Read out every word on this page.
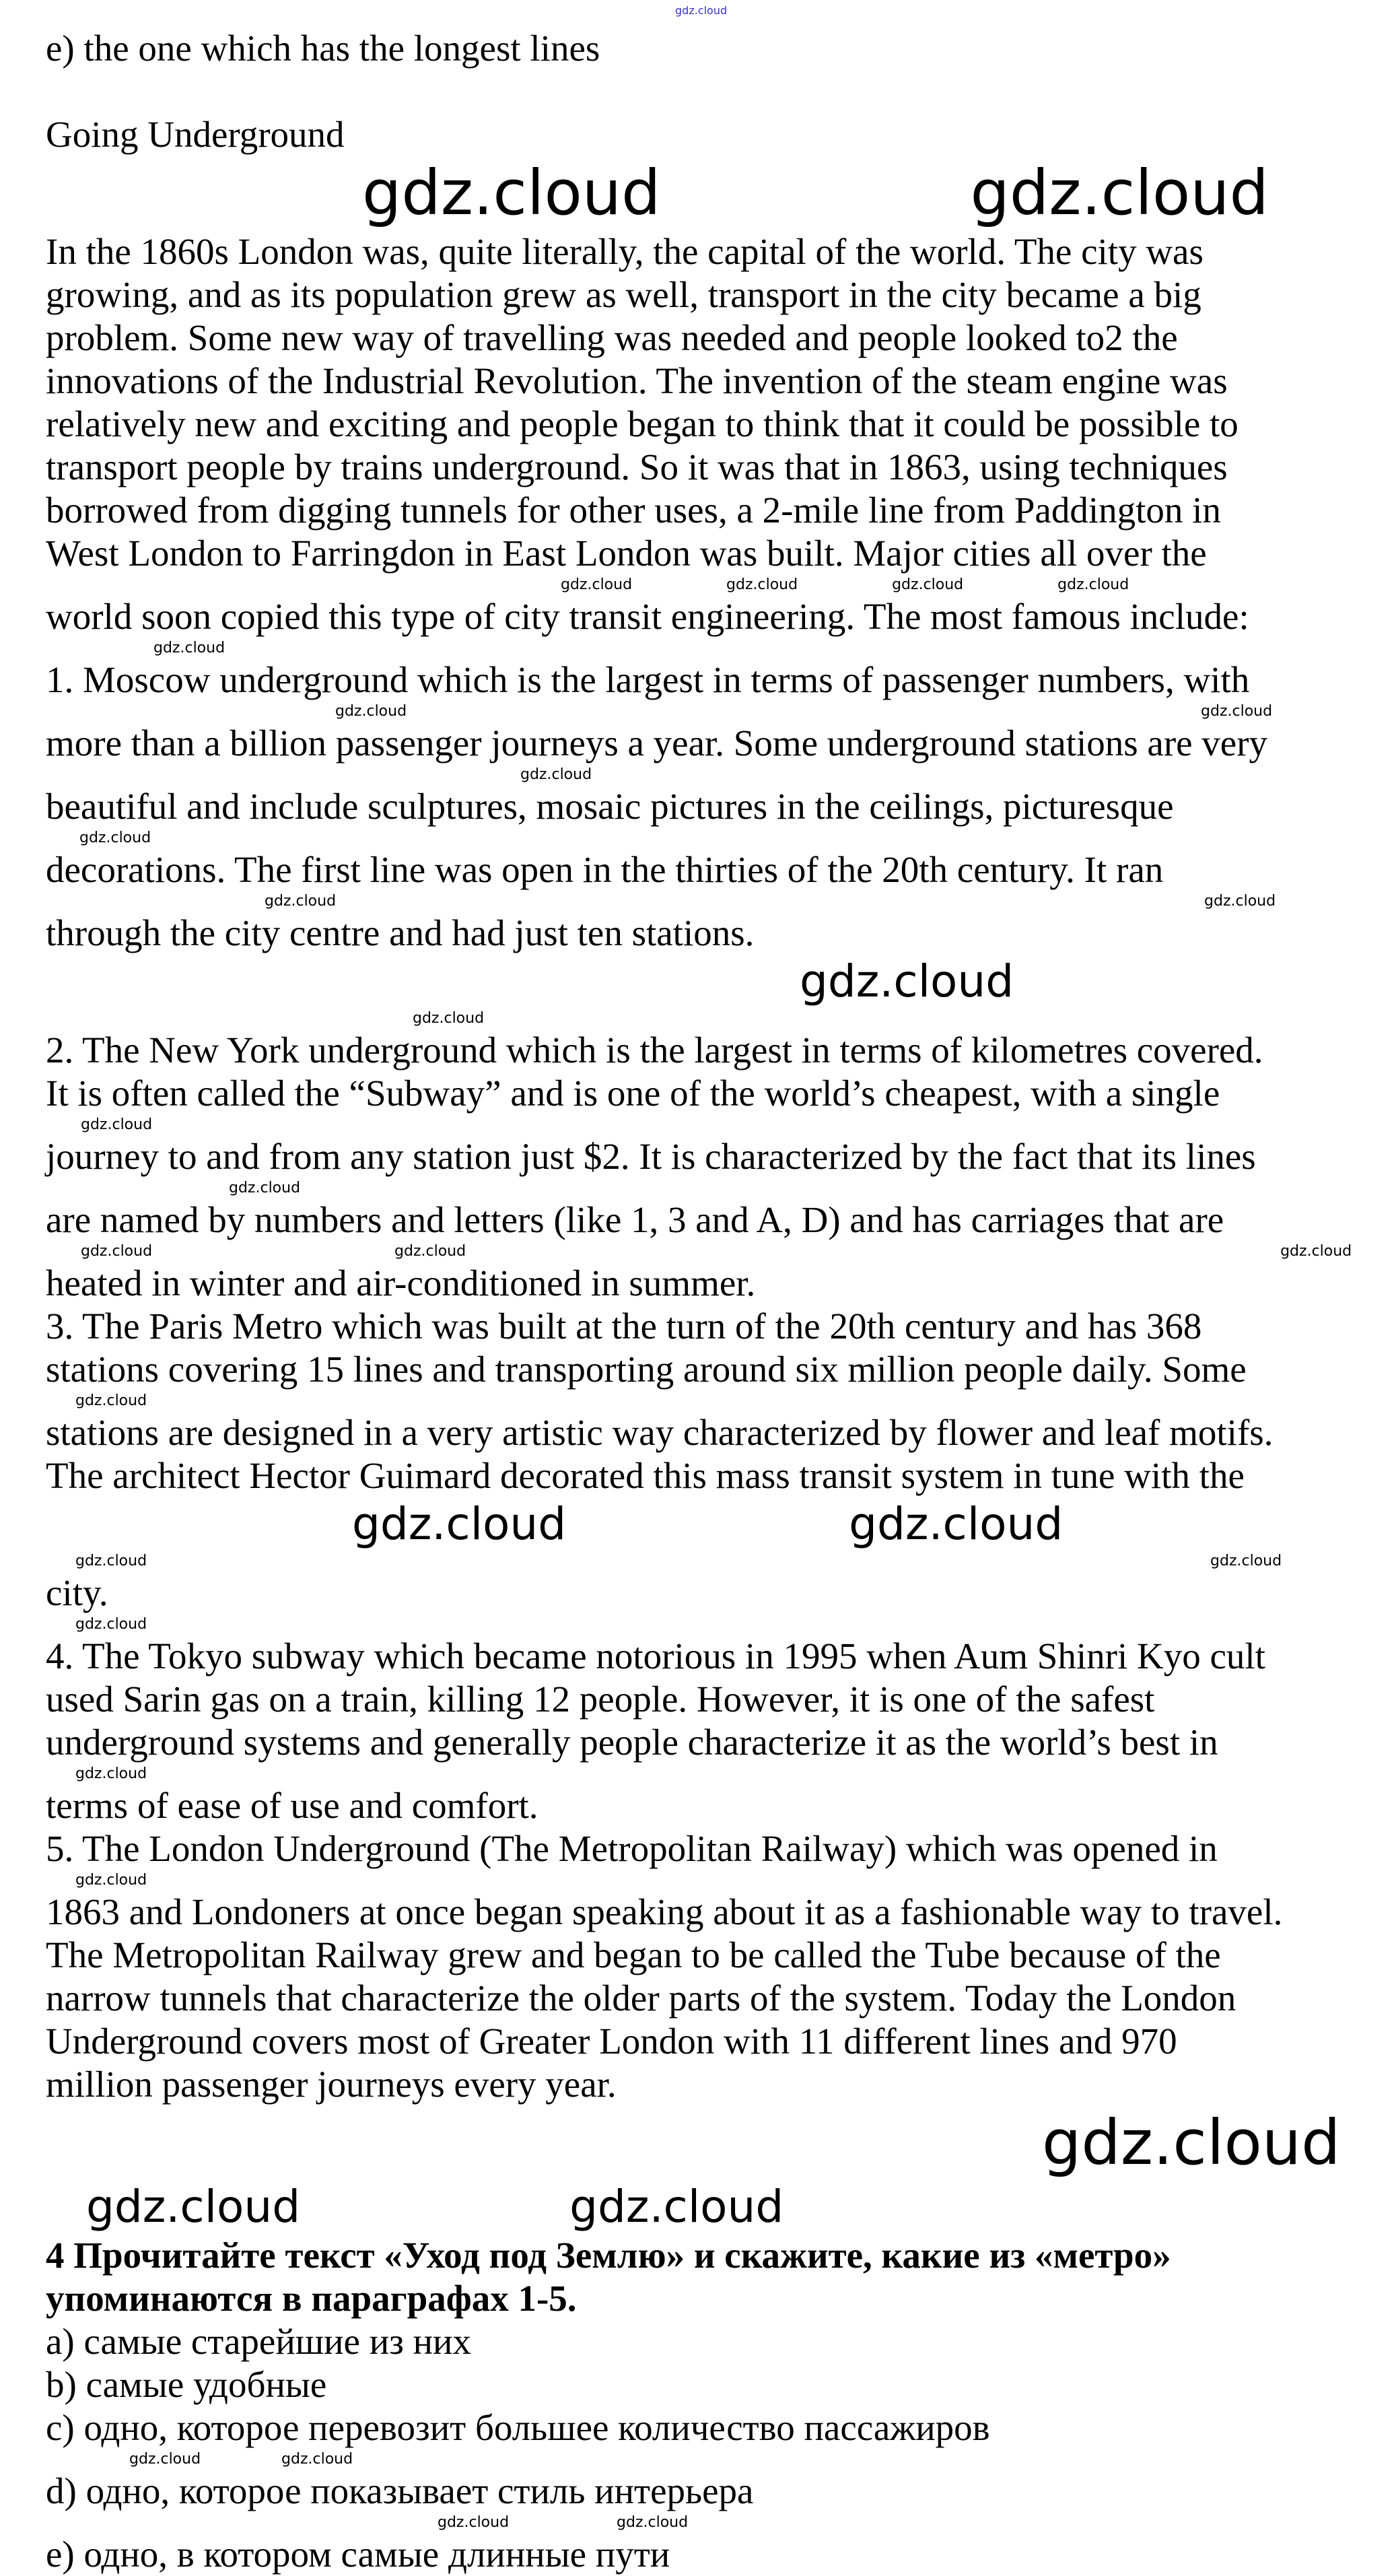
gdz.cloud
e) the one which has the longest lines
Going Underground
gdz.cloud	gdz.cloud
In the 1860s London was, quite literally, the capital of the world. The city was
growing, and as its population grew as well, transport in the city became a big
problem. Some new way of travelling was needed and people looked to2 the
innovations of the Industrial Revolution. The invention of the steam engine was
relatively new and exciting and people began to think that it could be possible to
transport people by trains underground. So it was that in 1863, using techniques
borrowed from digging tunnels for other uses, a 2-mile line from Paddington in
West London to Farringdon in East London was built. Major cities all over the
gdz.cloud	gdz.cloud	gdz.cloud	gdz.cloud
world soon copied this type of city transit engineering. The most famous include:
gdz.cloud
1. Moscow underground which is the largest in terms of passenger numbers, with
gdz.cloud	gdz.cloud
more than a billion passenger journeys a year. Some underground stations are very
gdz.cloud
beautiful and include sculptures, mosaic pictures in the ceilings, picturesque
gdz.cloud
decorations. The first line was open in the thirties of the 20th century. It ran
gdz.cloud	gdz.cloud
through the city centre and had just ten stations.
gdz.cloud
gdz.cloud
2. The New York underground which is the largest in terms of kilometres covered.
It is often called the “Subway” and is one of the world’s cheapest, with a single
gdz.cloud
journey to and from any station just $2. It is characterized by the fact that its lines
gdz.cloud
are named by numbers and letters (like 1, 3 and A, D) and has carriages that are
gdz.cloud	gdz.cloud	gdz.cloud
heated in winter and air-conditioned in summer.
3. The Paris Metro which was built at the turn of the 20th century and has 368
stations covering 15 lines and transporting around six million people daily. Some
gdz.cloud
stations are designed in a very artistic way characterized by flower and leaf motifs.
The architect Hector Guimard decorated this mass transit system in tune with the
gdz.cloud	gdz.cloud
gdz.cloud	gdz.cloud
city.
gdz.cloud
4. The Tokyo subway which became notorious in 1995 when Aum Shinri Kyo cult
used Sarin gas on a train, killing 12 people. However, it is one of the safest
underground systems and generally people characterize it as the world’s best in
gdz.cloud
terms of ease of use and comfort.
5. The London Underground (The Metropolitan Railway) which was opened in
gdz.cloud
1863 and Londoners at once began speaking about it as a fashionable way to travel.
The Metropolitan Railway grew and began to be called the Tube because of the
narrow tunnels that characterize the older parts of the system. Today the London
Underground covers most of Greater London with 11 different lines and 970
million passenger journeys every year.
gdz.cloud
gdz.cloud	gdz.cloud
4 Прочитайте текст «Уход под Землю» и скажите, какие из «метро»
упоминаются в параграфах 1-5.
a) самые старейшие из них
b) самые удобные
c) одно, которое перевозит большее количество пассажиров
gdz.cloud	gdz.cloud
d) одно, которое показывает стиль интерьера
gdz.cloud	gdz.cloud
e) одно, в котором самые длинные пути
